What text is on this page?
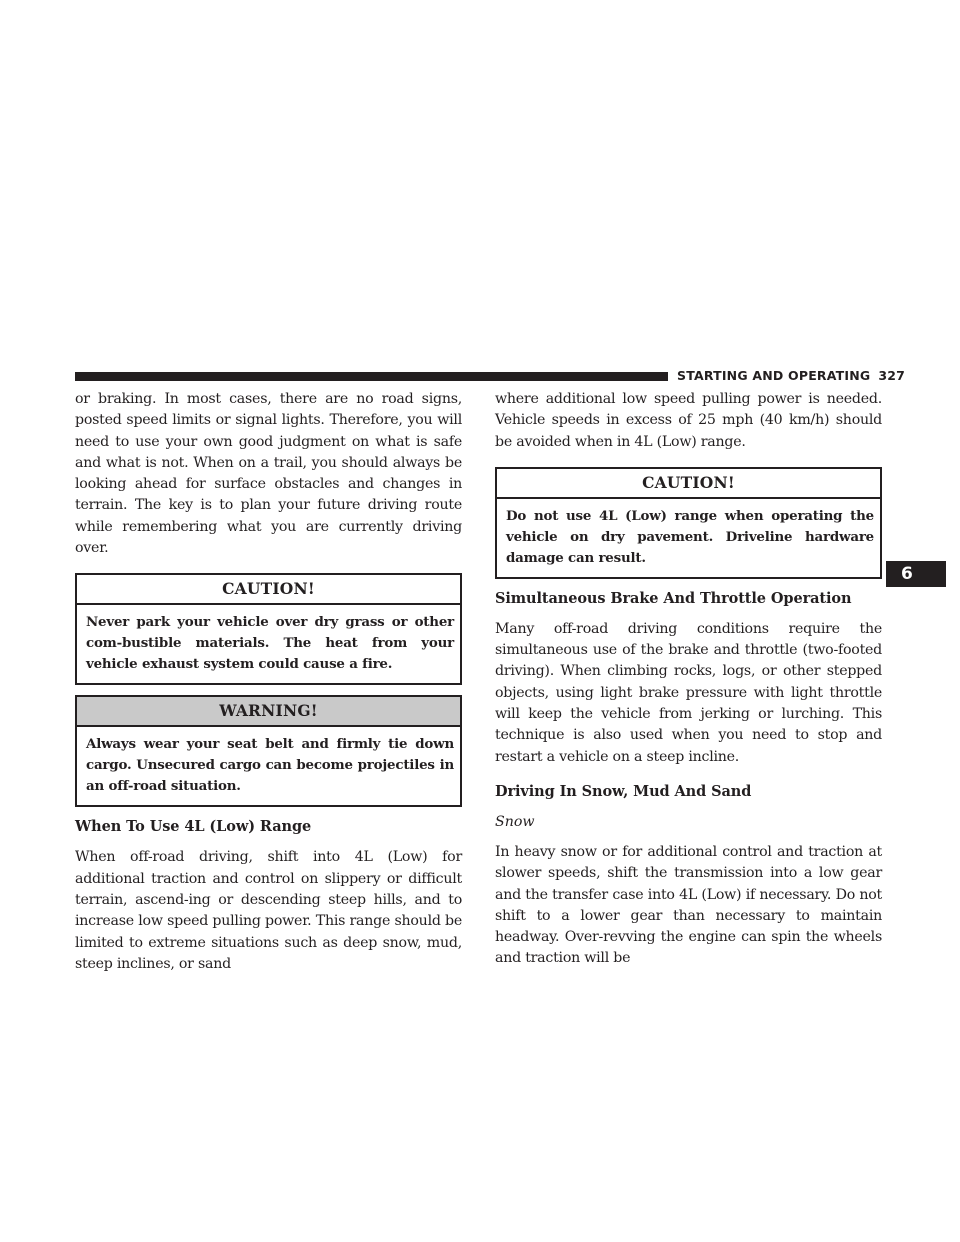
STARTING AND OPERATING 327
6

or braking. In most cases, there are no road signs, posted speed limits or signal lights. Therefore, you will need to use your own good judgment on what is safe and what is not. When on a trail, you should always be looking ahead for surface obstacles and changes in terrain. The key is to plan your future driving route while remembering what you are currently driving over.

CAUTION!
Never park your vehicle over dry grass or other com-bustible materials. The heat from your vehicle exhaust system could cause a fire.
WARNING!
Always wear your seat belt and firmly tie down cargo. Unsecured cargo can become projectiles in an off-road situation.
When To Use 4L (Low) Range

When off-road driving, shift into 4L (Low) for additional traction and control on slippery or difficult terrain, ascend-ing or descending steep hills, and to increase low speed pulling power. This range should be limited to extreme situations such as deep snow, mud, steep inclines, or sand

where additional low speed pulling power is needed. Vehicle speeds in excess of 25 mph (40 km/h) should be avoided when in 4L (Low) range.

CAUTION!
Do not use 4L (Low) range when operating the vehicle on dry pavement. Driveline hardware damage can result.
Simultaneous Brake And Throttle Operation

Many off-road driving conditions require the simultaneous use of the brake and throttle (two-footed driving). When climbing rocks, logs, or other stepped objects, using light brake pressure with light throttle will keep the vehicle from jerking or lurching. This technique is also used when you need to stop and restart a vehicle on a steep incline.

Driving In Snow, Mud And Sand
Snow

In heavy snow or for additional control and traction at slower speeds, shift the transmission into a low gear and the transfer case into 4L (Low) if necessary. Do not shift to a lower gear than necessary to maintain headway. Over-revving the engine can spin the wheels and traction will be
